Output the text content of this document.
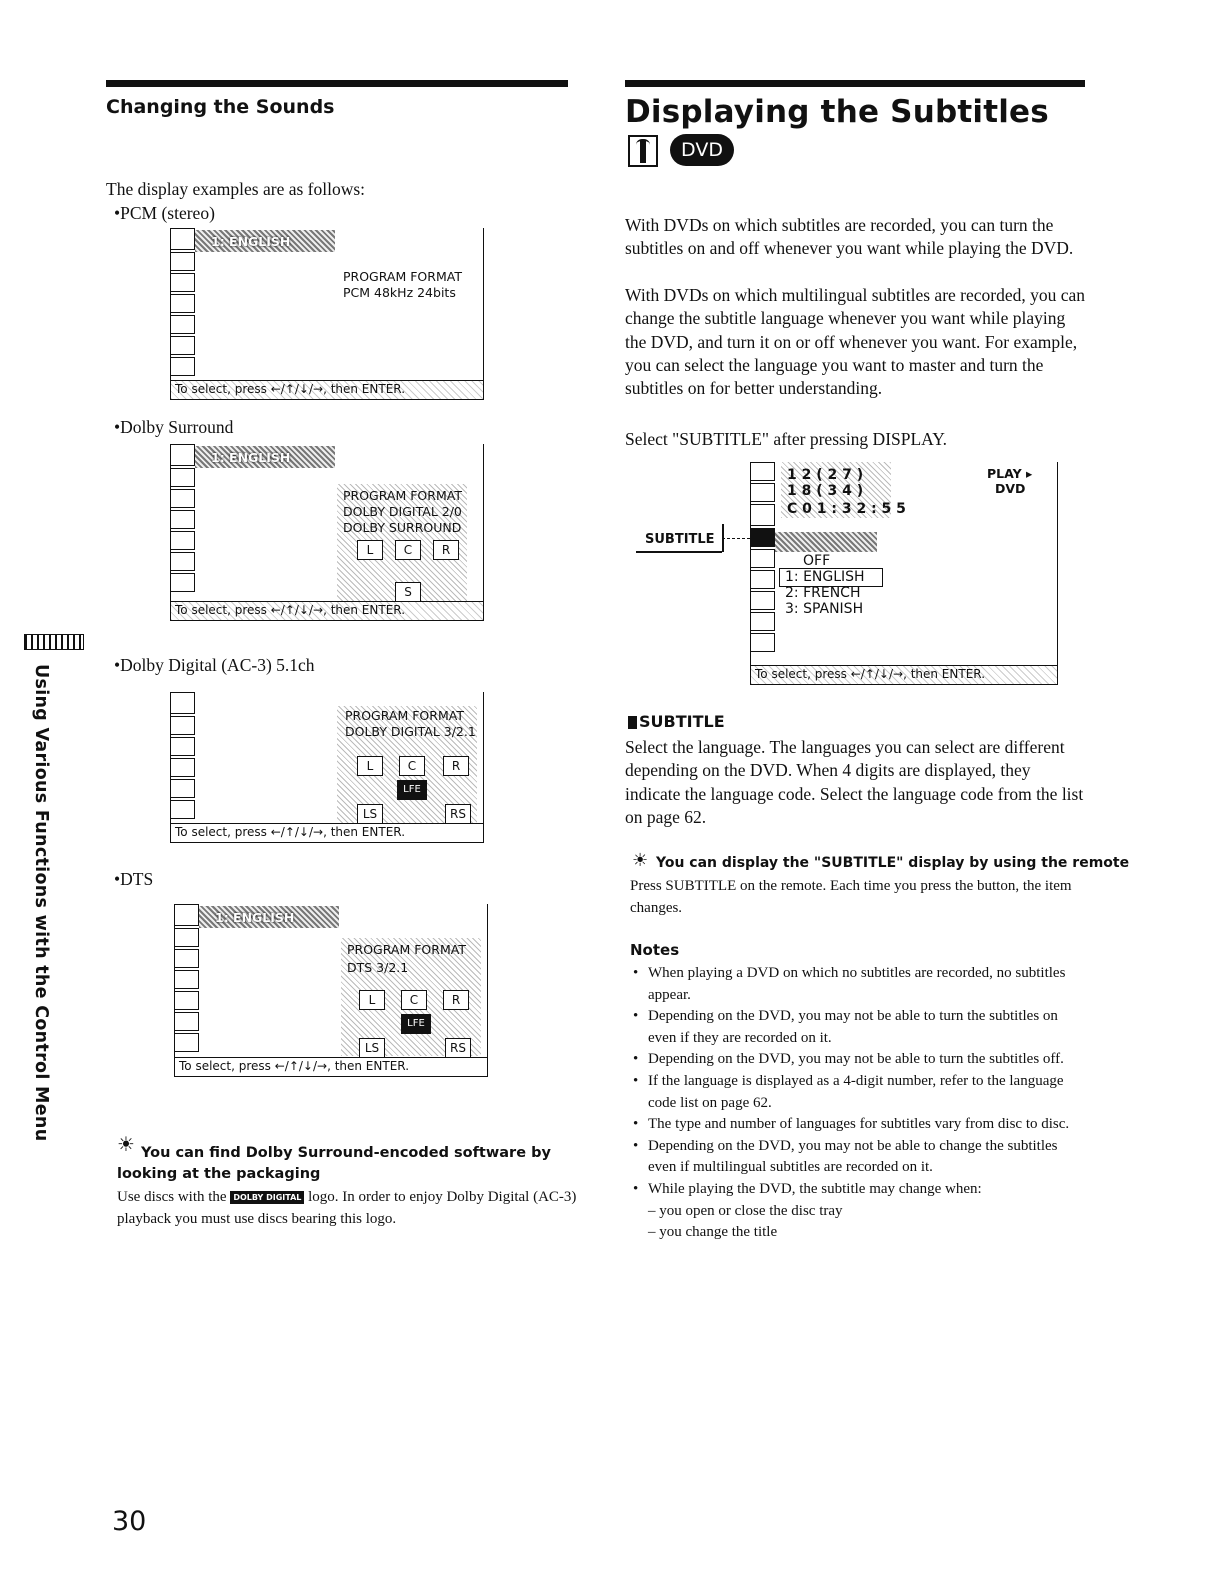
Changing the Sounds
The display examples are as follows:
•PCM (stereo)
1: ENGLISH
PROGRAM FORMAT
PCM 48kHz 24bits
To select, press ←/↑/↓/→, then ENTER.
•Dolby Surround
1: ENGLISH
PROGRAM FORMAT
DOLBY DIGITAL 2/0
DOLBY SURROUND
L	C	R
S
To select, press ←/↑/↓/→, then ENTER.
•Dolby Digital (AC-3) 5.1ch
PROGRAM FORMAT
DOLBY DIGITAL 3/2.1
L	C	R
LFE
LS	RS
To select, press ←/↑/↓/→, then ENTER.
•DTS
1: ENGLISH
PROGRAM FORMAT
DTS 3/2.1
L	C	R
LFE
LS	RS
To select, press ←/↑/↓/→, then ENTER.
☀ You can find Dolby Surround-encoded software by looking at the packaging
Use discs with the DOLBY DIGITAL logo. In order to enjoy Dolby Digital (AC-3) playback you must use discs bearing this logo.
Using Various Functions with the Control Menu
30
Displaying the Subtitles
DVD
With DVDs on which subtitles are recorded, you can turn the subtitles on and off whenever you want while playing the DVD.
With DVDs on which multilingual subtitles are recorded, you can change the subtitle language whenever you want while playing the DVD, and turn it on or off whenever you want. For example, you can select the language you want to master and turn the subtitles on for better understanding.
Select "SUBTITLE" after pressing DISPLAY.
SUBTITLE
1 2 ( 2 7 )
1 8 ( 3 4 )
C 0 1 : 3 2 : 5 5
PLAY ▸
DVD
OFF
1: ENGLISH
2: FRENCH
3: SPANISH
To select, press ←/↑/↓/→, then ENTER.
SUBTITLE
Select the language. The languages you can select are different depending on the DVD. When 4 digits are displayed, they indicate the language code. Select the language code from the list on page 62.
☀ You can display the "SUBTITLE" display by using the remote
Press SUBTITLE on the remote. Each time you press the button, the item changes.
Notes
• When playing a DVD on which no subtitles are recorded, no subtitles appear.
• Depending on the DVD, you may not be able to turn the subtitles on even if they are recorded on it.
• Depending on the DVD, you may not be able to turn the subtitles off.
• If the language is displayed as a 4-digit number, refer to the language code list on page 62.
• The type and number of languages for subtitles vary from disc to disc.
• Depending on the DVD, you may not be able to change the subtitles even if multilingual subtitles are recorded on it.
• While playing the DVD, the subtitle may change when:
– you open or close the disc tray
– you change the title
